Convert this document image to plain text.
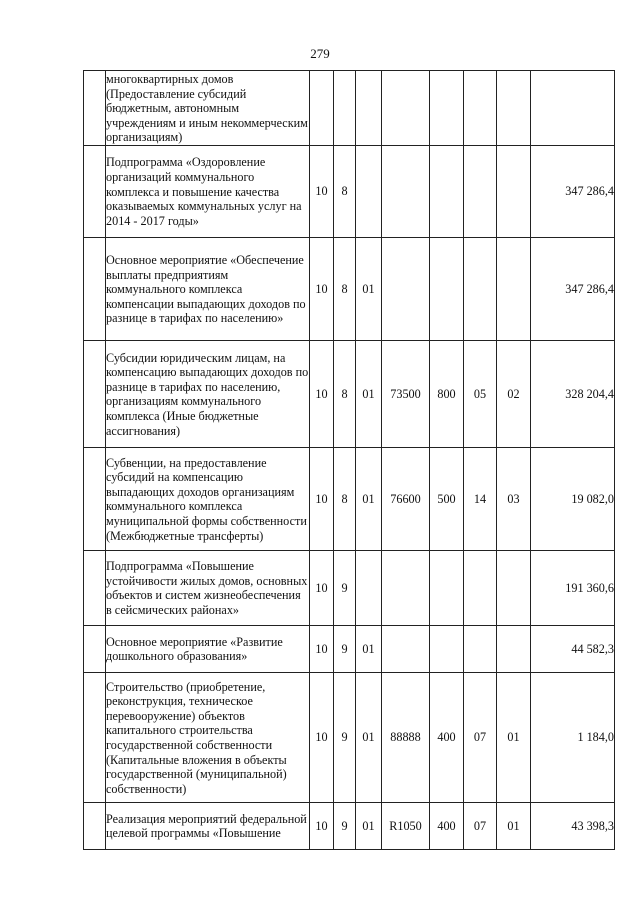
279

	многоквартирных домов (Предоставление субсидий бюджетным, автономным учреждениям и иным некоммерческим организациям)								

	Подпрограмма «Оздоровление организаций коммунального комплекса и повышение качества оказываемых коммунальных услуг на 2014 - 2017 годы»	10	8						347 286,4

	Основное мероприятие «Обеспечение выплаты предприятиям коммунального комплекса компенсации выпадающих доходов по разнице в тарифах по населению»	10	8	01					347 286,4

	Субсидии юридическим лицам, на компенсацию выпадающих доходов по разнице в тарифах по населению, организациям коммунального комплекса (Иные бюджетные ассигнования)	10	8	01	73500	800	05	02	328 204,4

	Субвенции, на предоставление субсидий на компенсацию выпадающих доходов организациям коммунального комплекса муниципальной формы собственности (Межбюджетные трансферты)	10	8	01	76600	500	14	03	19 082,0

	Подпрограмма «Повышение устойчивости жилых домов, основных объектов и систем жизнеобеспечения в сейсмических районах»	10	9						191 360,6

	Основное мероприятие «Развитие дошкольного образования»	10	9	01					44 582,3

	Строительство (приобретение, реконструкция, техническое перевооружение) объектов капитального строительства государственной собственности (Капитальные вложения в объекты государственной (муниципальной) собственности)	10	9	01	88888	400	07	01	1 184,0

	Реализация мероприятий федеральной целевой программы «Повышение	10	9	01	R1050	400	07	01	43 398,3
